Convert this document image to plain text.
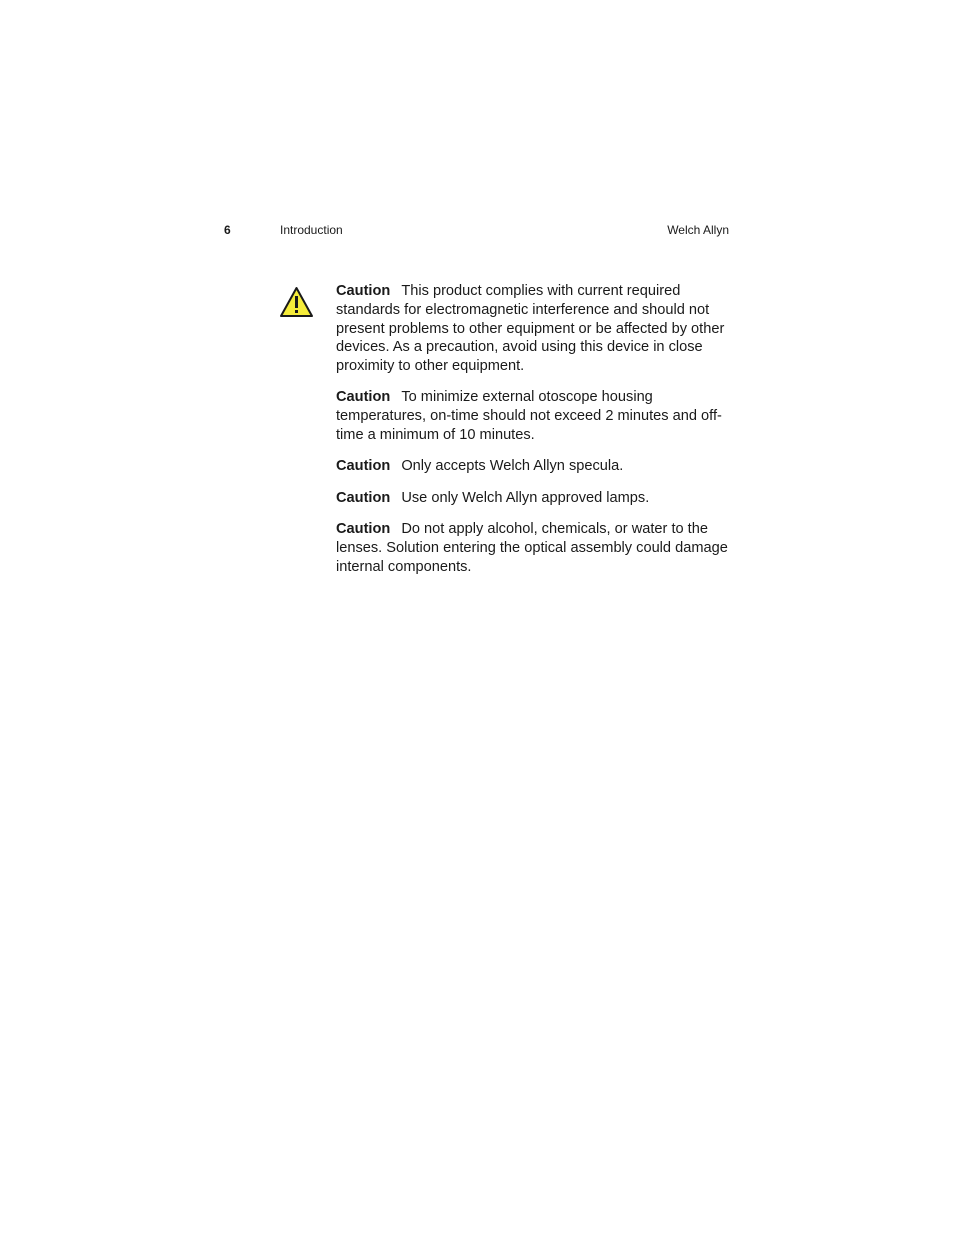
6	Introduction	Welch Allyn

Caution This product complies with current required standards for electromagnetic interference and should not present problems to other equipment or be affected by other devices. As a precaution, avoid using this device in close proximity to other equipment.

Caution To minimize external otoscope housing temperatures, on-time should not exceed 2 minutes and off-time a minimum of 10 minutes.

Caution Only accepts Welch Allyn specula.

Caution Use only Welch Allyn approved lamps.

Caution Do not apply alcohol, chemicals, or water to the lenses. Solution entering the optical assembly could damage internal components.
